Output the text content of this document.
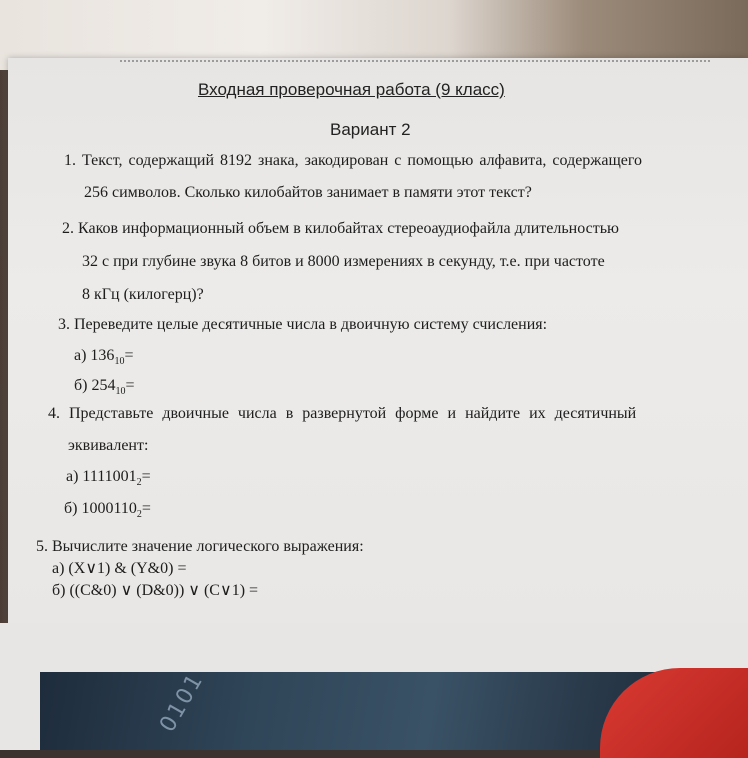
Входная проверочная работа (9 класс)
Вариант 2
1. Текст, содержащий 8192 знака, закодирован с помощью алфавита, содержащего
256 символов. Сколько килобайтов занимает в памяти этот текст?
2. Каков информационный объем в килобайтах стереоаудиофайла длительностью
32 с при глубине звука 8 битов и 8000 измерениях в секунду, т.е. при частоте
8 кГц (килогерц)?
3. Переведите целые десятичные числа в двоичную систему счисления:
а) $136_{10}=$
б) $254_{10}=$
4. Представьте двоичные числа в развернутой форме и найдите их десятичный
эквивалент:
а) $1111001_2=$
б) $1000110_2=$
5. Вычислите значение логического выражения:
а) (X∨1) & (Y&0) =
б) ((C&0) ∨ (D&0)) ∨ (C∨1) =
0101
